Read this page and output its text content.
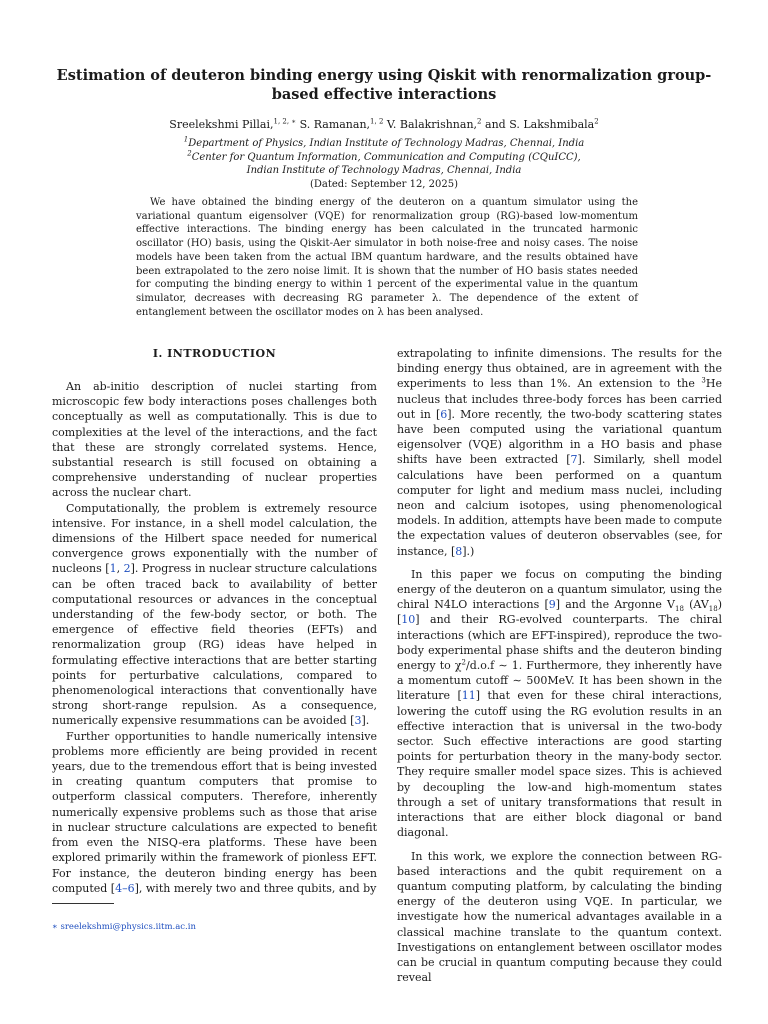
Estimation of deuteron binding energy using Qiskit with renormalization group-based effective interactions
Sreelekshmi Pillai,$^{1, 2, ∗}$ S. Ramanan,$^{1, 2}$ V. Balakrishnan,$^2$ and S. Lakshmibala$^2$
$^1$Department of Physics, Indian Institute of Technology Madras, Chennai, India
$^2$Center for Quantum Information, Communication and Computing (CQuICC),
Indian Institute of Technology Madras, Chennai, India
(Dated: September 12, 2025)
We have obtained the binding energy of the deuteron on a quantum simulator using the variational quantum eigensolver (VQE) for renormalization group (RG)-based low-momentum effective interactions. The binding energy has been calculated in the truncated harmonic oscillator (HO) basis, using the Qiskit-Aer simulator in both noise-free and noisy cases. The noise models have been taken from the actual IBM quantum hardware, and the results obtained have been extrapolated to the zero noise limit. It is shown that the number of HO basis states needed for computing the binding energy to within 1 percent of the experimental value in the quantum simulator, decreases with decreasing RG parameter λ. The dependence of the extent of entanglement between the oscillator modes on λ has been analysed.
I. INTRODUCTION

An ab-initio description of nuclei starting from microscopic few body interactions poses challenges both conceptually as well as computationally. This is due to complexities at the level of the interactions, and the fact that these are strongly correlated systems. Hence, substantial research is still focused on obtaining a comprehensive understanding of nuclear properties across the nuclear chart.

Computationally, the problem is extremely resource intensive. For instance, in a shell model calculation, the dimensions of the Hilbert space needed for numerical convergence grows exponentially with the number of nucleons [1, 2]. Progress in nuclear structure calculations can be often traced back to availability of better computational resources or advances in the conceptual understanding of the few-body sector, or both. The emergence of effective field theories (EFTs) and renormalization group (RG) ideas have helped in formulating effective interactions that are better starting points for perturbative calculations, compared to phenomenological interactions that conventionally have strong short-range repulsion. As a consequence, numerically expensive resummations can be avoided [3].

Further opportunities to handle numerically intensive problems more efficiently are being provided in recent years, due to the tremendous effort that is being invested in creating quantum computers that promise to outperform classical computers. Therefore, inherently numerically expensive problems such as those that arise in nuclear structure calculations are expected to benefit from even the NISQ-era platforms. These have been explored primarily within the framework of pionless EFT. For instance, the deuteron binding energy has been computed [4–6], with merely two and three qubits, and by

extrapolating to infinite dimensions. The results for the binding energy thus obtained, are in agreement with the experiments to less than 1%. An extension to the $^3$He nucleus that includes three-body forces has been carried out in [6]. More recently, the two-body scattering states have been computed using the variational quantum eigensolver (VQE) algorithm in a HO basis and phase shifts have been extracted [7]. Similarly, shell model calculations have been performed on a quantum computer for light and medium mass nuclei, including neon and calcium isotopes, using phenomenological models. In addition, attempts have been made to compute the expectation values of deuteron observables (see, for instance, [8].)

In this paper we focus on computing the binding energy of the deuteron on a quantum simulator, using the chiral N4LO interactions [9] and the Argonne $V_{18}$ $(AV_{18})$ [10] and their RG-evolved counterparts. The chiral interactions (which are EFT-inspired), reproduce the two-body experimental phase shifts and the deuteron binding energy to $\chi^2/d.o.f$ ∼ 1. Furthermore, they inherently have a momentum cutoff ∼ 500MeV. It has been shown in the literature [11] that even for these chiral interactions, lowering the cutoff using the RG evolution results in an effective interaction that is universal in the two-body sector. Such effective interactions are good starting points for perturbation theory in the many-body sector. They require smaller model space sizes. This is achieved by decoupling the low-and high-momentum states through a set of unitary transformations that result in interactions that are either block diagonal or band diagonal.

In this work, we explore the connection between RG-based interactions and the qubit requirement on a quantum computing platform, by calculating the binding energy of the deuteron using VQE. In particular, we investigate how the numerical advantages available in a classical machine translate to the quantum context. Investigations on entanglement between oscillator modes can be crucial in quantum computing because they could reveal

∗ sreelekshmi@physics.iitm.ac.in
